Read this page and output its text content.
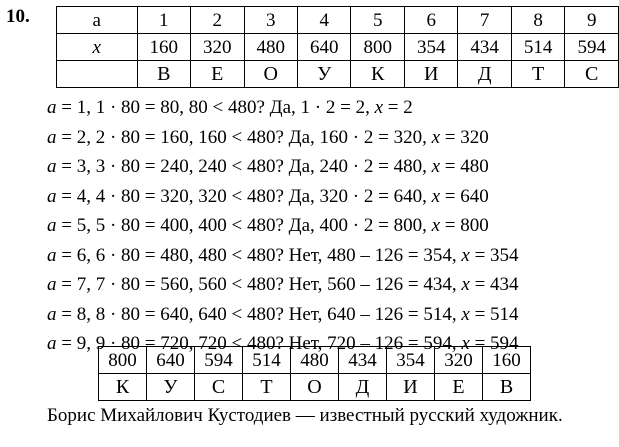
10.	а	1	2	3	4	5	6	7	8	9
x	160	320	480	640	800	354	434	514	594
	В	Е	О	У	К	И	Д	Т	С
a = 1, 1 · 80 = 80, 80 < 480? Да, 1 · 2 = 2, x = 2
a = 2, 2 · 80 = 160, 160 < 480? Да, 160 · 2 = 320, x = 320
a = 3, 3 · 80 = 240, 240 < 480? Да, 240 · 2 = 480, x = 480
a = 4, 4 · 80 = 320, 320 < 480? Да, 320 · 2 = 640, x = 640
a = 5, 5 · 80 = 400, 400 < 480? Да, 400 · 2 = 800, x = 800
a = 6, 6 · 80 = 480, 480 < 480? Нет, 480 – 126 = 354, x = 354
a = 7, 7 · 80 = 560, 560 < 480? Нет, 560 – 126 = 434, x = 434
a = 8, 8 · 80 = 640, 640 < 480? Нет, 640 – 126 = 514, x = 514
a = 9, 9 · 80 = 720, 720 < 480? Нет, 720 – 126 = 594, x = 594
800	640	594	514	480	434	354	320	160
К	У	С	Т	О	Д	И	Е	В
Борис Михайлович Кустодиев — известный русский художник.
